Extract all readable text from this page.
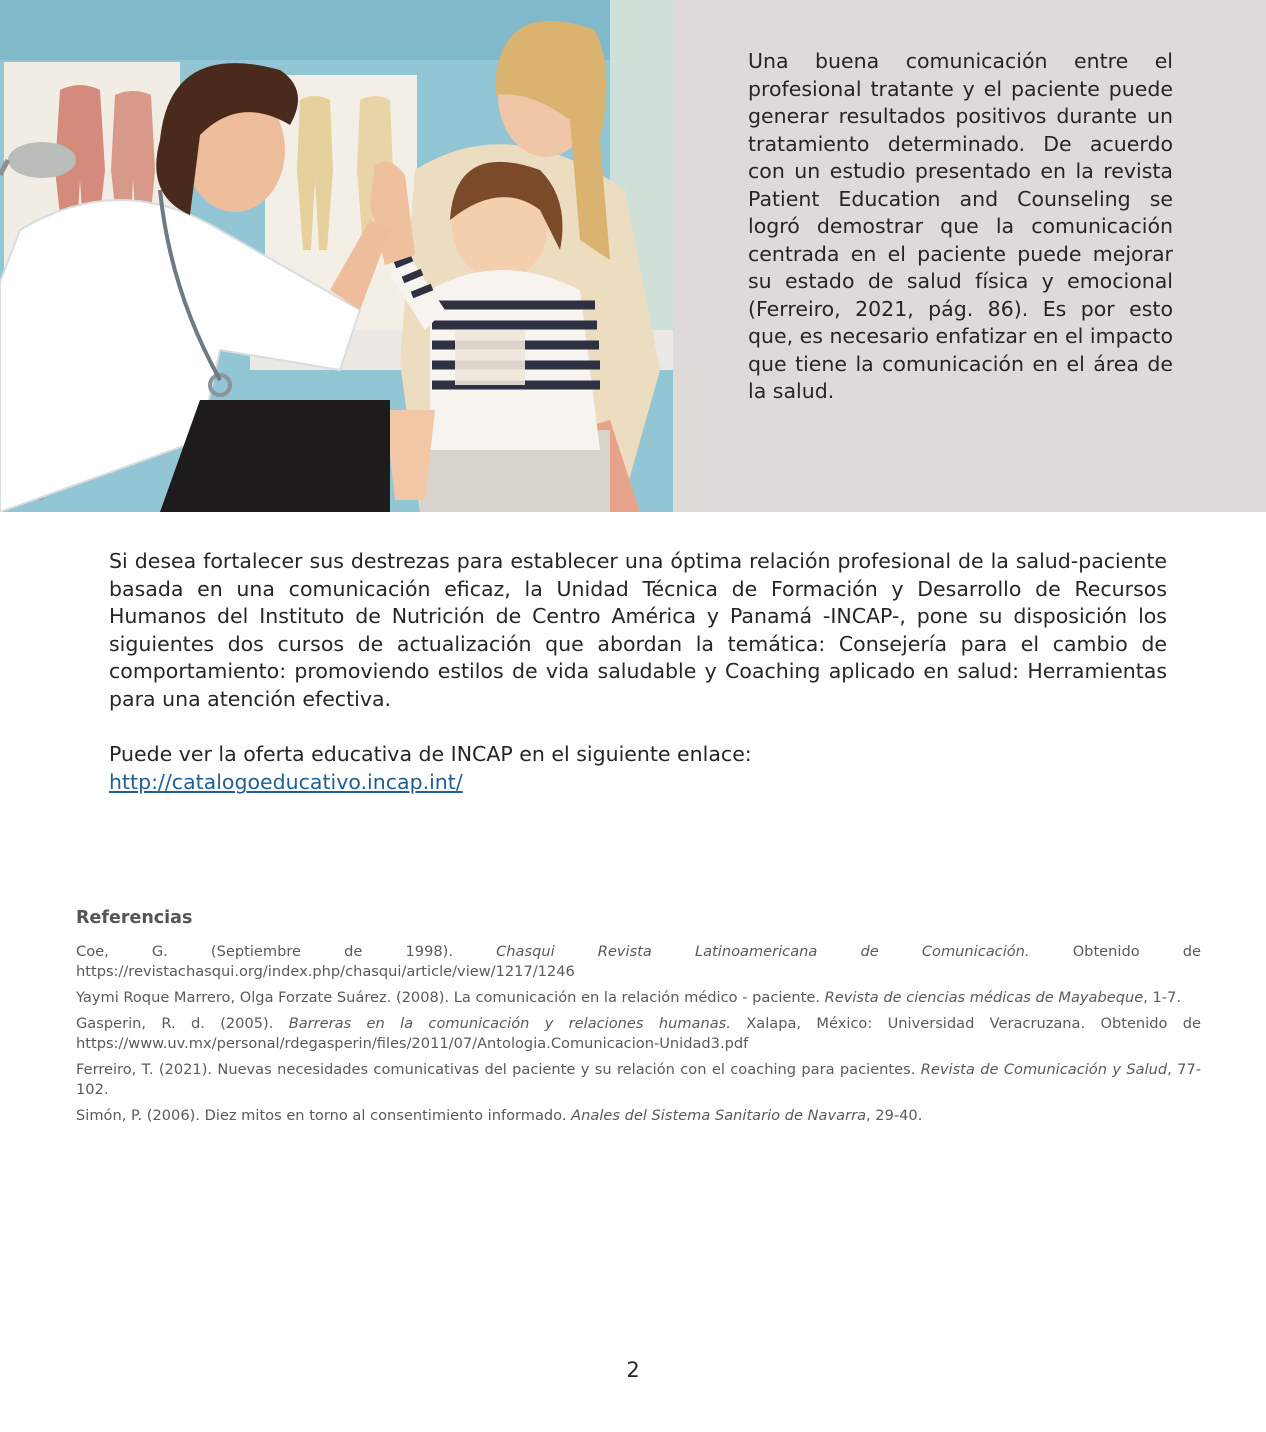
Una buena comunicación entre el profesional tratante y el paciente puede generar resultados positivos durante un tratamiento determinado. De acuerdo con un estudio presentado en la revista Patient Education and Counseling se logró demostrar que la comunicación centrada en el paciente puede mejorar su estado de salud física y emocional (Ferreiro, 2021, pág. 86). Es por esto que, es necesario enfatizar en el impacto que tiene la comunicación en el área de la salud.

Si desea fortalecer sus destrezas para establecer una óptima relación profesional de la salud-paciente basada en una comunicación eficaz, la Unidad Técnica de Formación y Desarrollo de Recursos Humanos del Instituto de Nutrición de Centro América y Panamá -INCAP-, pone su disposición los siguientes dos cursos de actualización que abordan la temática: Consejería para el cambio de comportamiento: promoviendo estilos de vida saludable y Coaching aplicado en salud: Herramientas para una atención efectiva.

Puede ver la oferta educativa de INCAP en el siguiente enlace:
http://catalogoeducativo.incap.int/

Referencias

Coe, G. (Septiembre de 1998). Chasqui Revista Latinoamericana de Comunicación. Obtenido de https://revistachasqui.org/index.php/chasqui/article/view/1217/1246

Yaymi Roque Marrero, Olga Forzate Suárez. (2008). La comunicación en la relación médico - paciente. Revista de ciencias médicas de Mayabeque, 1-7.

Gasperin, R. d. (2005). Barreras en la comunicación y relaciones humanas. Xalapa, México: Universidad Veracruzana. Obtenido de https://www.uv.mx/personal/rdegasperin/files/2011/07/Antologia.Comunicacion-Unidad3.pdf

Ferreiro, T. (2021). Nuevas necesidades comunicativas del paciente y su relación con el coaching para pacientes. Revista de Comunicación y Salud, 77-102.

Simón, P. (2006). Diez mitos en torno al consentimiento informado. Anales del Sistema Sanitario de Navarra, 29-40.

2
